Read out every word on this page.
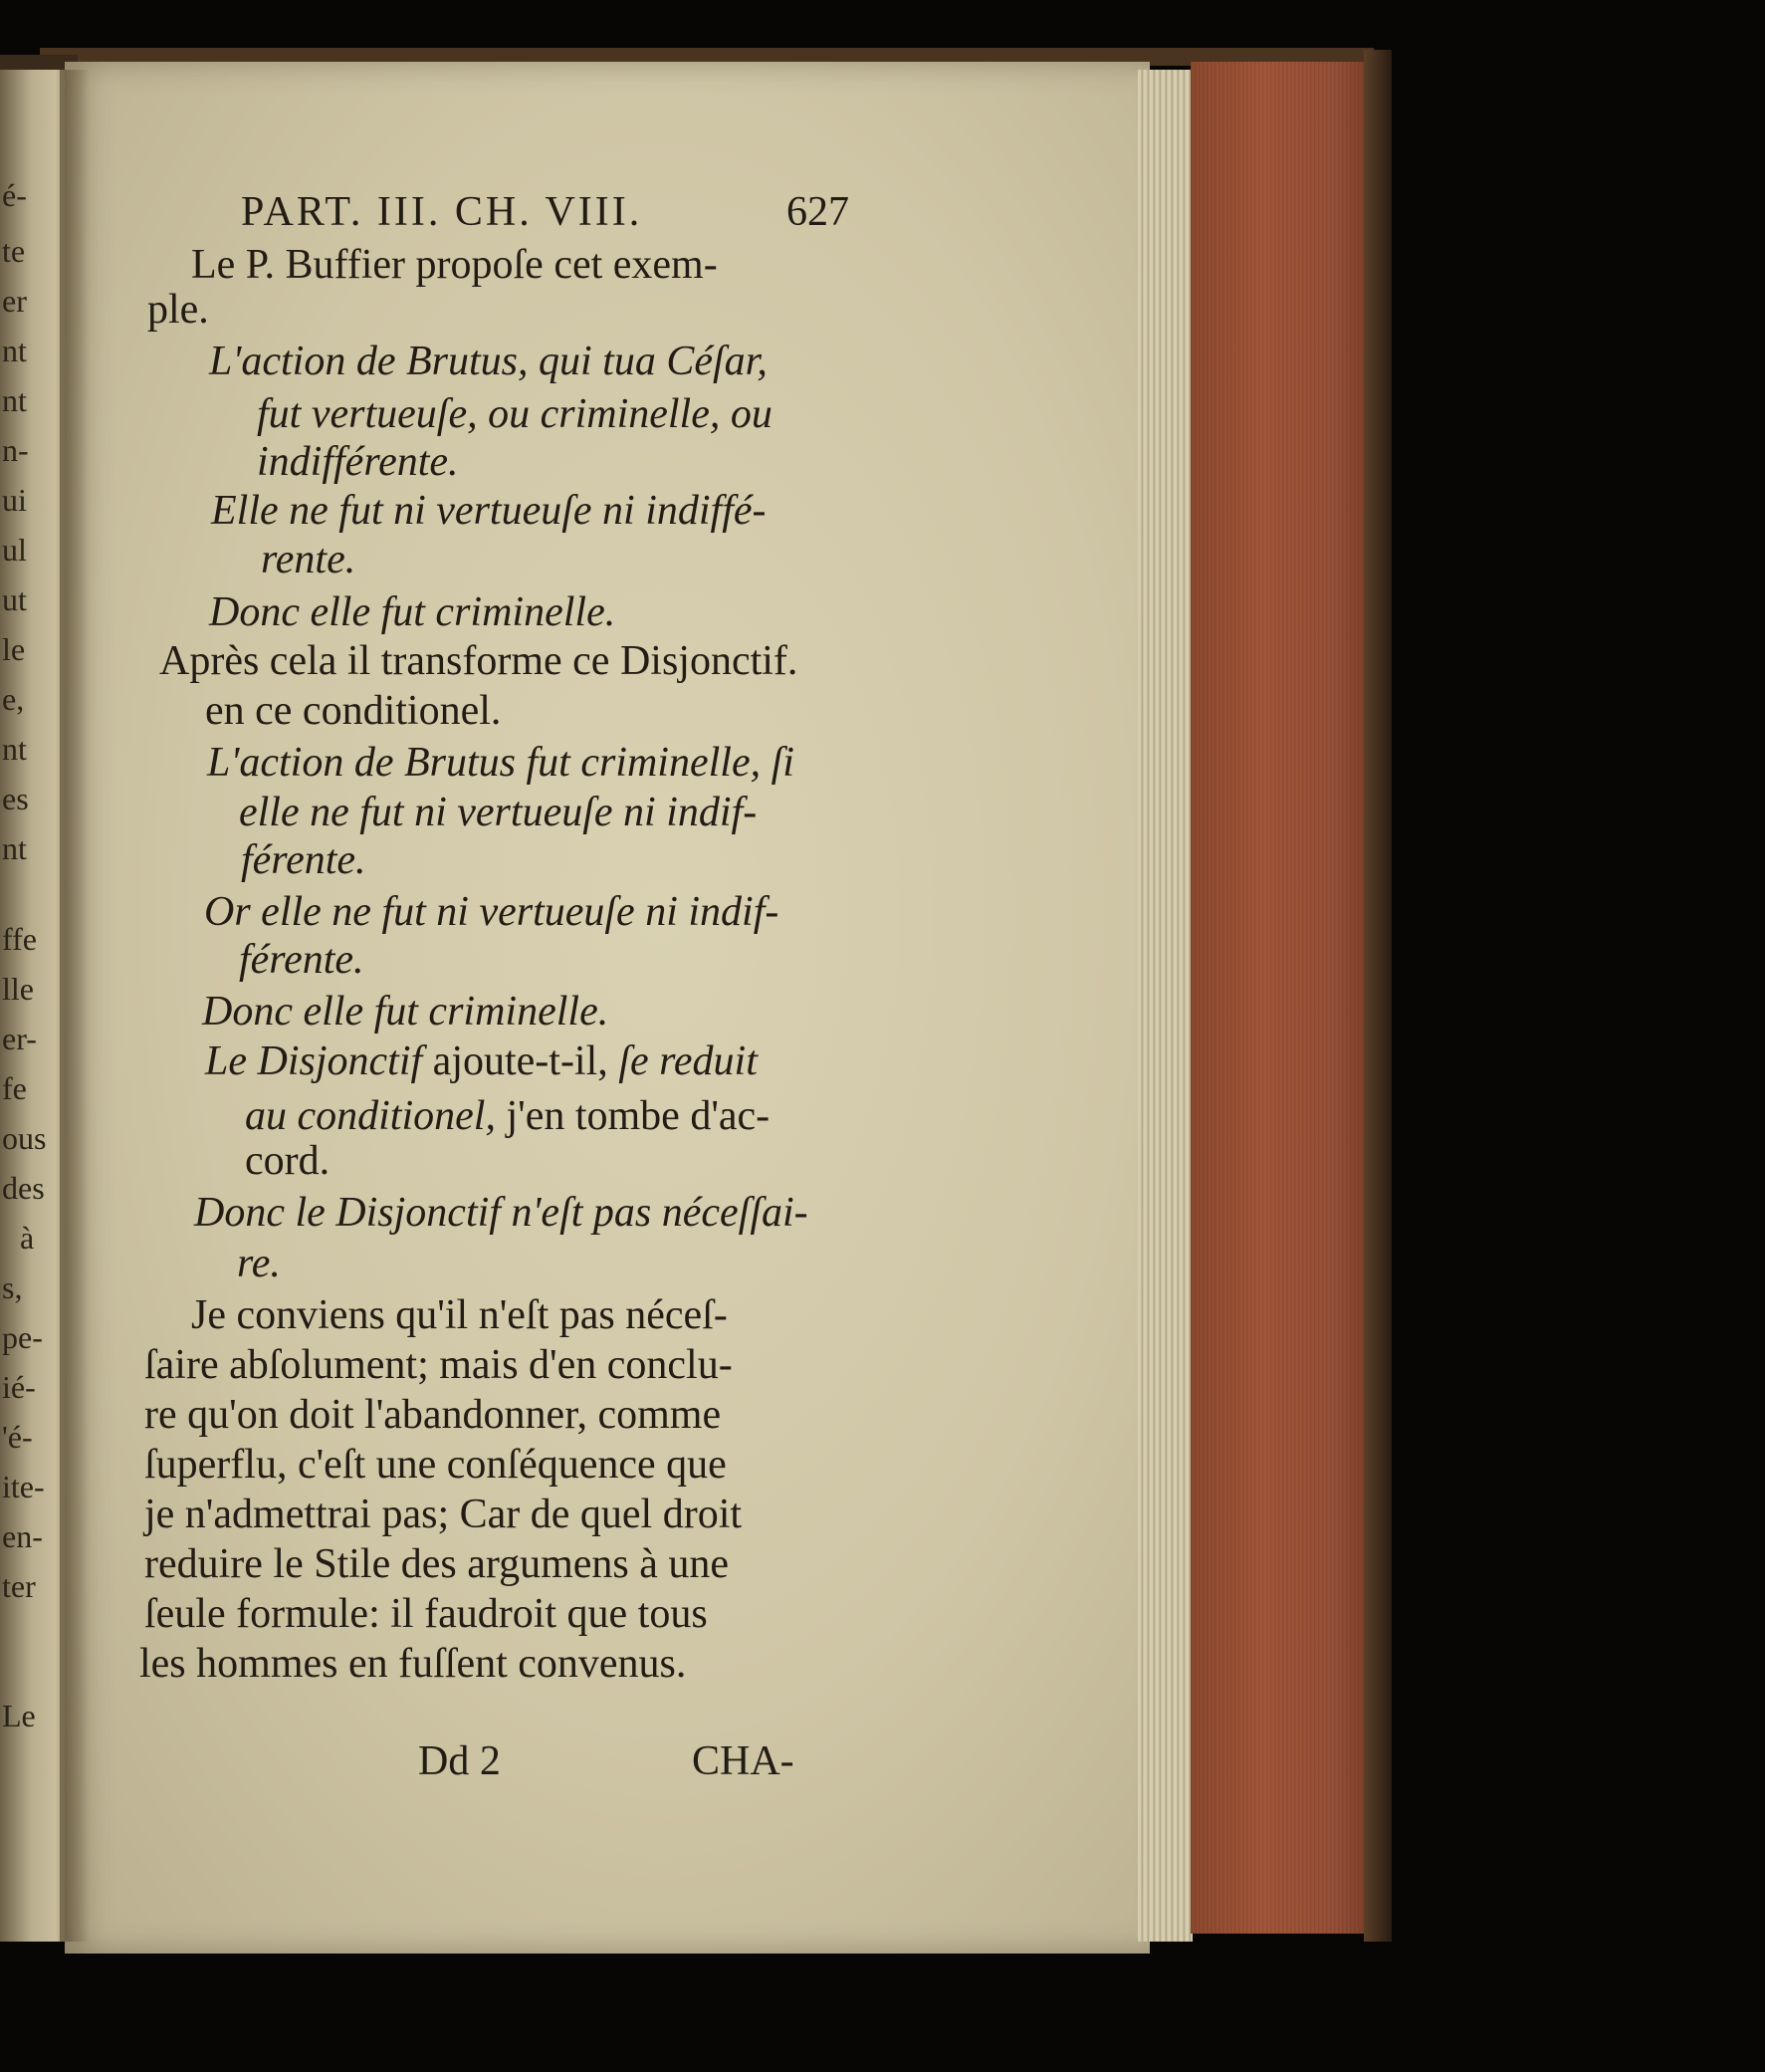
é-
te
er
nt
nt
n-
ui
ul
ut
le
e,
nt
es
nt
ffe
lle
er-
fe
ous
des
à
s,
pe-
ié-
'é-
ite-
en-
ter
Le
PART. III. CH. VIII.	627
Le P. Buffier propoſe cet exem-
ple.
L'action de Brutus, qui tua Céſar,
fut vertueuſe, ou criminelle, ou
indifférente.
Elle ne fut ni vertueuſe ni indiffé-
rente.
Donc elle fut criminelle.
Après cela il transforme ce Disjonctif.
en ce conditionel.
L'action de Brutus fut criminelle, ſi
elle ne fut ni vertueuſe ni indif-
férente.
Or elle ne fut ni vertueuſe ni indif-
férente.
Donc elle fut criminelle.
Le Disjonctif ajoute-t-il, ſe reduit
au conditionel, j'en tombe d'ac-
cord.
Donc le Disjonctif n'eſt pas néceſſai-
re.
Je conviens qu'il n'eſt pas néceſ-
ſaire abſolument; mais d'en conclu-
re qu'on doit l'abandonner, comme
ſuperflu, c'eſt une conſéquence que
je n'admettrai pas; Car de quel droit
reduire le Stile des argumens à une
ſeule formule: il faudroit que tous
les hommes en fuſſent convenus.
Dd 2	CHA-
